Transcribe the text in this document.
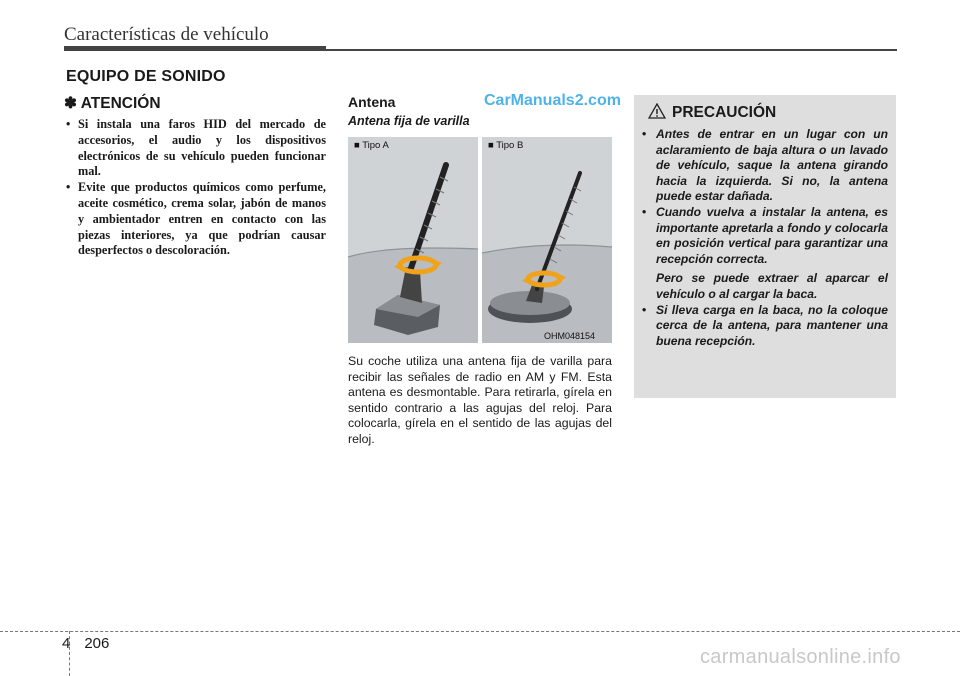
Características de vehículo
EQUIPO DE SONIDO
✽ ATENCIÓN
• Si instala una faros HID del mercado de accesorios, el audio y los dispositivos electrónicos de su vehículo pueden funcionar mal.
• Evite que productos químicos como perfume, aceite cosmético, crema solar, jabón de manos y ambientador entren en contacto con las piezas interiores, ya que podrían causar desperfectos o descoloración.
Antena	CarManuals2.com
Antena fija de varilla
■ Tipo A	■ Tipo B
OHM048154
Su coche utiliza una antena fija de varilla para recibir las señales de radio en AM y FM. Esta antena es desmontable. Para retirarla, gírela en sentido contrario a las agujas del reloj. Para colocarla, gírela en el sentido de las agujas del reloj.
PRECAUCIÓN

• Antes de entrar en un lugar con un aclaramiento de baja altura o un lavado de vehículo, saque la antena girando hacia la izquierda. Si no, la antena puede estar dañada.

• Cuando vuelva a instalar la antena, es importante apretarla a fondo y colocarla en posición vertical para garantizar una recepción correcta.

Pero se puede extraer al aparcar el vehículo o al cargar la baca.

• Si lleva carga en la baca, no la coloque cerca de la antena, para mantener una buena recepción.

4 206
carmanualsonline.info
